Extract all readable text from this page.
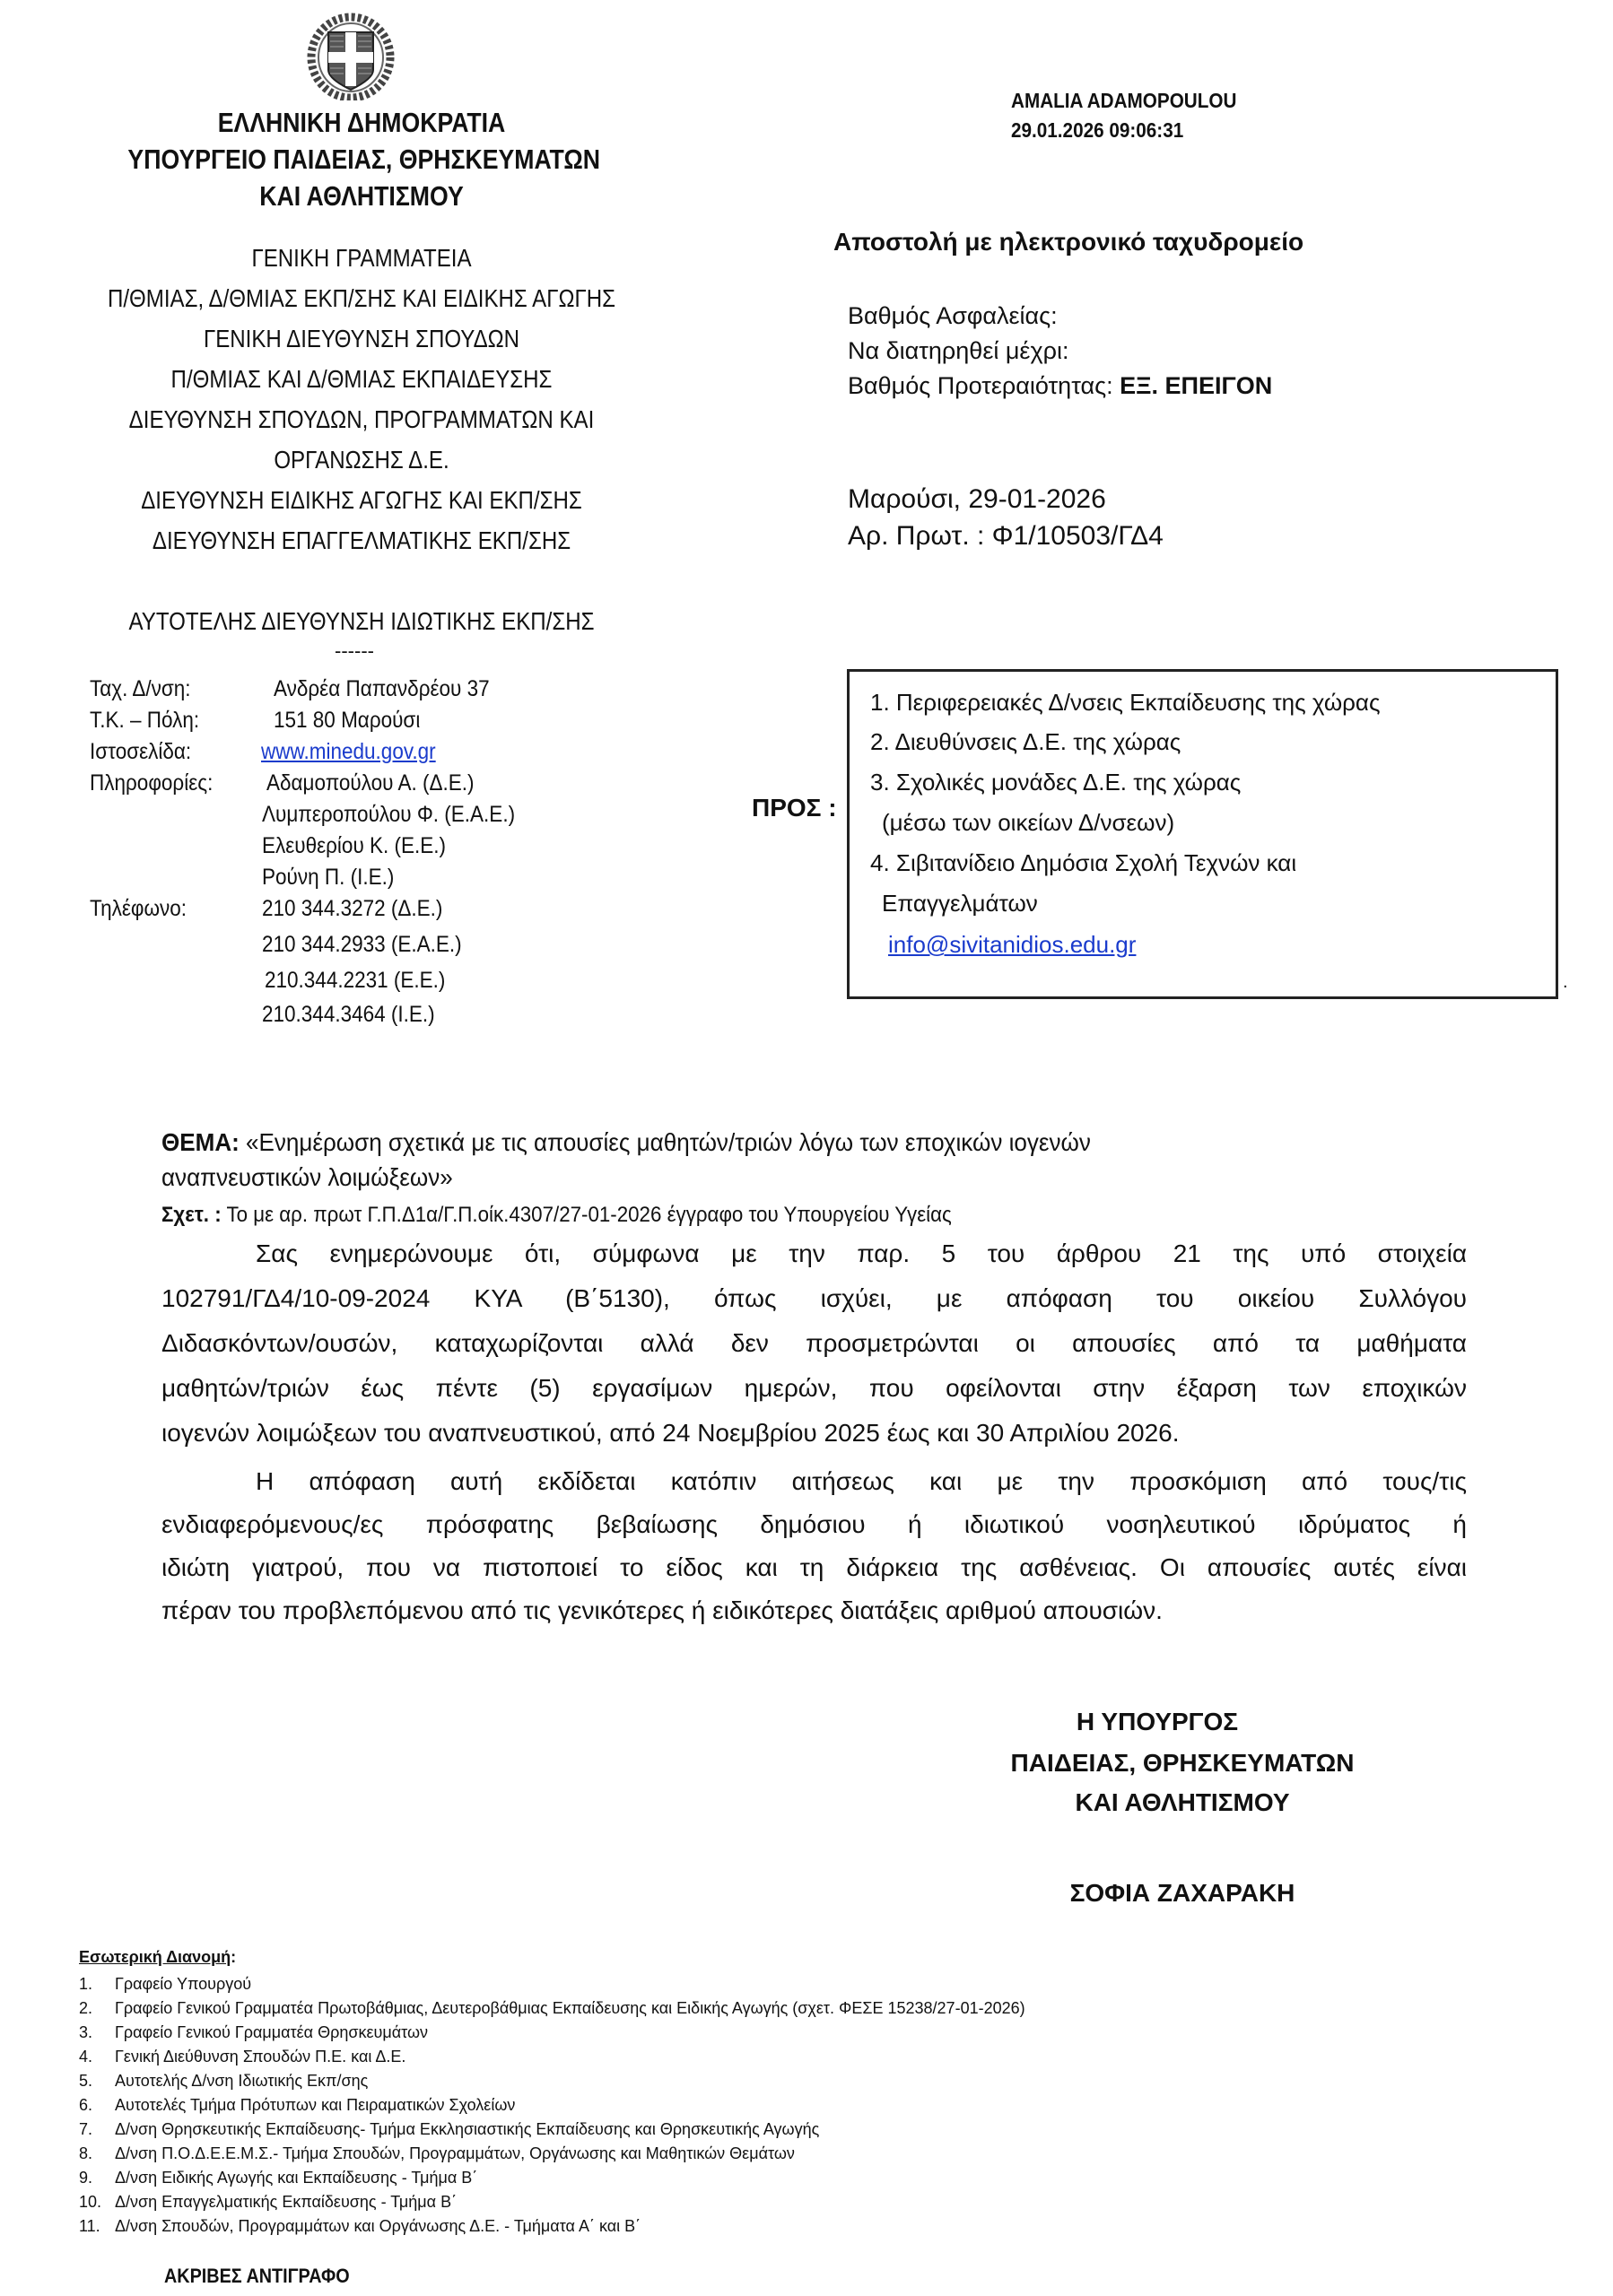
ΕΛΛΗΝΙΚΗ ΔΗΜΟΚΡΑΤΙΑ
ΥΠΟΥΡΓΕΙΟ ΠΑΙΔΕΙΑΣ, ΘΡΗΣΚΕΥΜΑΤΩΝ
ΚΑΙ ΑΘΛΗΤΙΣΜΟΥ
ΓΕΝΙΚΗ ΓΡΑΜΜΑΤΕΙΑ
Π/ΘΜΙΑΣ, Δ/ΘΜΙΑΣ ΕΚΠ/ΣΗΣ ΚΑΙ ΕΙΔΙΚΗΣ ΑΓΩΓΗΣ
ΓΕΝΙΚΗ ΔΙΕΥΘΥΝΣΗ ΣΠΟΥΔΩΝ
Π/ΘΜΙΑΣ ΚΑΙ Δ/ΘΜΙΑΣ ΕΚΠΑΙΔΕΥΣΗΣ
ΔΙΕΥΘΥΝΣΗ ΣΠΟΥΔΩΝ, ΠΡΟΓΡΑΜΜΑΤΩΝ ΚΑΙ
ΟΡΓΑΝΩΣΗΣ Δ.Ε.
ΔΙΕΥΘΥΝΣΗ ΕΙΔΙΚΗΣ ΑΓΩΓΗΣ ΚΑΙ ΕΚΠ/ΣΗΣ
ΔΙΕΥΘΥΝΣΗ ΕΠΑΓΓΕΛΜΑΤΙΚΗΣ ΕΚΠ/ΣΗΣ
ΑΥΤΟΤΕΛΗΣ ΔΙΕΥΘΥΝΣΗ ΙΔΙΩΤΙΚΗΣ ΕΚΠ/ΣΗΣ
------
Ταχ. Δ/νση:	Ανδρέα Παπανδρέου 37
Τ.Κ. – Πόλη:	151 80 Μαρούσι
Ιστοσελίδα:	www.minedu.gov.gr
Πληροφορίες: Αδαμοπούλου Α. (Δ.Ε.)
Λυμπεροπούλου Φ. (Ε.Α.Ε.)
Ελευθερίου Κ. (Ε.Ε.)
Ρούνη Π. (Ι.Ε.)
Τηλέφωνο:	210 344.3272 (Δ.Ε.)
210 344.2933 (Ε.Α.Ε.)
210.344.2231 (Ε.Ε.)
210.344.3464 (Ι.Ε.)
AMALIA ADAMOPOULOU
29.01.2026 09:06:31
Αποστολή με ηλεκτρονικό ταχυδρομείο
Βαθμός Ασφαλείας:
Να διατηρηθεί μέχρι:
Βαθμός Προτεραιότητας: ΕΞ. ΕΠΕΙΓΟΝ
Μαρούσι, 29-01-2026
Αρ. Πρωτ. : Φ1/10503/ΓΔ4
ΠΡΟΣ :
1. Περιφερειακές Δ/νσεις Εκπαίδευσης της χώρας
2. Διευθύνσεις Δ.Ε. της χώρας
3. Σχολικές μονάδες Δ.Ε. της χώρας
(μέσω των οικείων Δ/νσεων)
4. Σιβιτανίδειο Δημόσια Σχολή Τεχνών και
Επαγγελμάτων
info@sivitanidios.edu.gr
.
ΘΕΜΑ: «Ενημέρωση σχετικά με τις απουσίες μαθητών/τριών λόγω των εποχικών ιογενών
αναπνευστικών λοιμώξεων»
Σχετ. : Το με αρ. πρωτ Γ.Π.Δ1α/Γ.Π.οίκ.4307/27-01-2026 έγγραφο του Υπουργείου Υγείας
Σας ενημερώνουμε ότι, σύμφωνα με την παρ. 5 του άρθρου 21 της υπό στοιχεία
102791/ΓΔ4/10-09-2024 ΚΥΑ (Β΄5130), όπως ισχύει, με απόφαση του οικείου Συλλόγου
Διδασκόντων/ουσών, καταχωρίζονται αλλά δεν προσμετρώνται οι απουσίες από τα μαθήματα
μαθητών/τριών έως πέντε (5) εργασίμων ημερών, που οφείλονται στην έξαρση των εποχικών
ιογενών λοιμώξεων του αναπνευστικού, από 24 Νοεμβρίου 2025 έως και 30 Απριλίου 2026.
Η απόφαση αυτή εκδίδεται κατόπιν αιτήσεως και με την προσκόμιση από τους/τις
ενδιαφερόμενους/ες πρόσφατης βεβαίωσης δημόσιου ή ιδιωτικού νοσηλευτικού ιδρύματος ή
ιδιώτη γιατρού, που να πιστοποιεί το είδος και τη διάρκεια της ασθένειας. Οι απουσίες αυτές είναι
πέραν του προβλεπόμενου από τις γενικότερες ή ειδικότερες διατάξεις αριθμού απουσιών.
Η ΥΠΟΥΡΓΟΣ
ΠΑΙΔΕΙΑΣ, ΘΡΗΣΚΕΥΜΑΤΩΝ
ΚΑΙ ΑΘΛΗΤΙΣΜΟΥ
ΣΟΦΙΑ ΖΑΧΑΡΑΚΗ
Εσωτερική Διανομή:
1. Γραφείο Υπουργού
2. Γραφείο Γενικού Γραμματέα Πρωτοβάθμιας, Δευτεροβάθμιας Εκπαίδευσης και Ειδικής Αγωγής (σχετ. ΦΕΣΕ 15238/27-01-2026)
3. Γραφείο Γενικού Γραμματέα Θρησκευμάτων
4. Γενική Διεύθυνση Σπουδών Π.Ε. και Δ.Ε.
5. Αυτοτελής Δ/νση Ιδιωτικής Εκπ/σης
6. Αυτοτελές Τμήμα Πρότυπων και Πειραματικών Σχολείων
7. Δ/νση Θρησκευτικής Εκπαίδευσης- Τμήμα Εκκλησιαστικής Εκπαίδευσης και Θρησκευτικής Αγωγής
8. Δ/νση Π.Ο.Δ.Ε.Ε.Μ.Σ.- Τμήμα Σπουδών, Προγραμμάτων, Οργάνωσης και Μαθητικών Θεμάτων
9. Δ/νση Ειδικής Αγωγής και Εκπαίδευσης - Τμήμα Β΄
10. Δ/νση Επαγγελματικής Εκπαίδευσης - Τμήμα Β΄
11. Δ/νση Σπουδών, Προγραμμάτων και Οργάνωσης Δ.Ε. - Τμήματα Α΄ και Β΄
ΑΚΡΙΒΕΣ ΑΝΤΙΓΡΑΦΟ
